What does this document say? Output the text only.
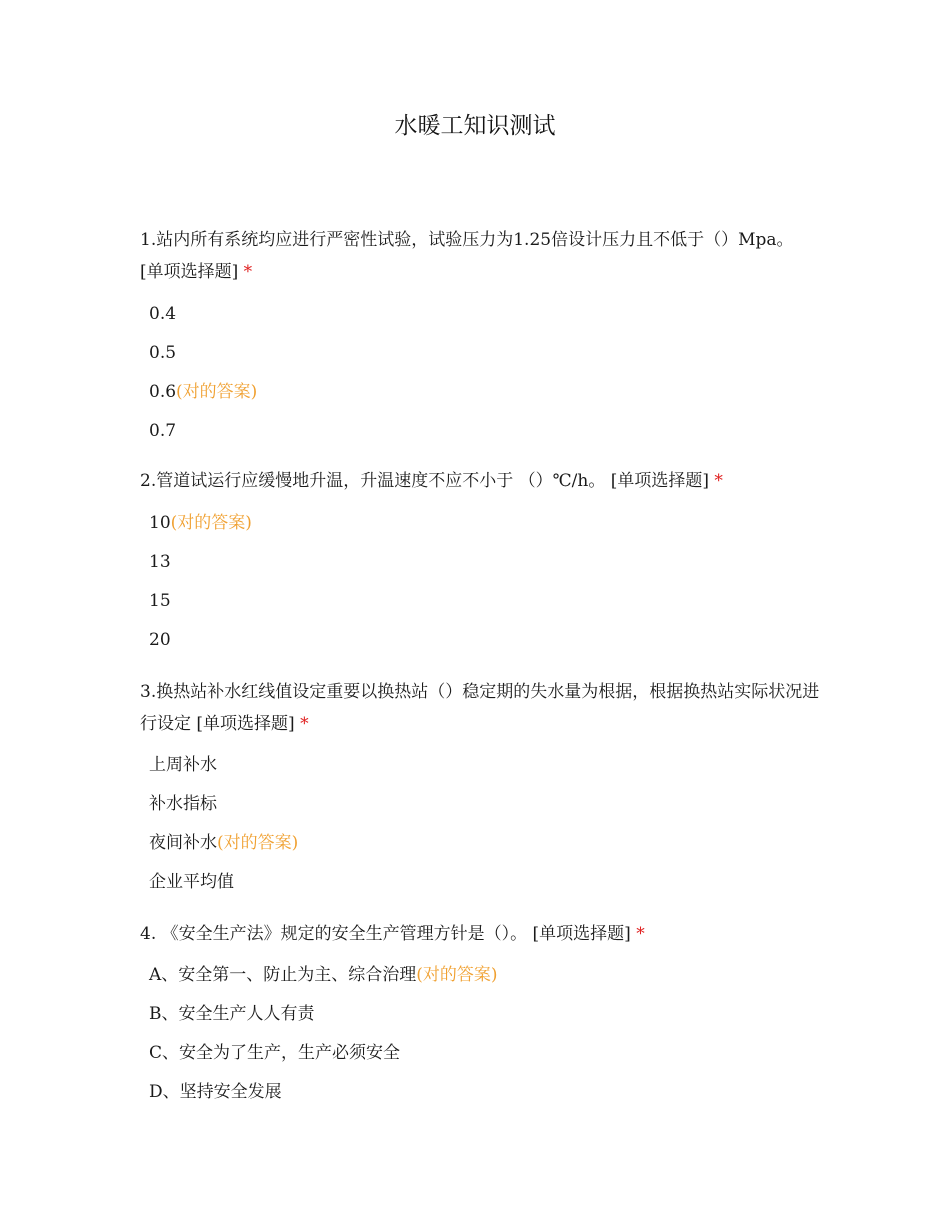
水暖工知识测试
1.站内所有系统均应进行严密性试验，试验压力为1.25倍设计压力且不低于（）Mpa。 [单项选择题] *
0.4
0.5
0.6(对的答案)
0.7
2.管道试运行应缓慢地升温，升温速度不应不小于 （）℃/h。 [单项选择题] *
10(对的答案)
13
15
20
3.换热站补水红线值设定重要以换热站（）稳定期的失水量为根据，根据换热站实际状况进行设定 [单项选择题] *
上周补水
补水指标
夜间补水(对的答案)
企业平均值
4. 《安全生产法》规定的安全生产管理方针是（）。 [单项选择题] *
A、安全第一、防止为主、综合治理(对的答案)
B、安全生产人人有责
C、安全为了生产，生产必须安全
D、坚持安全发展
